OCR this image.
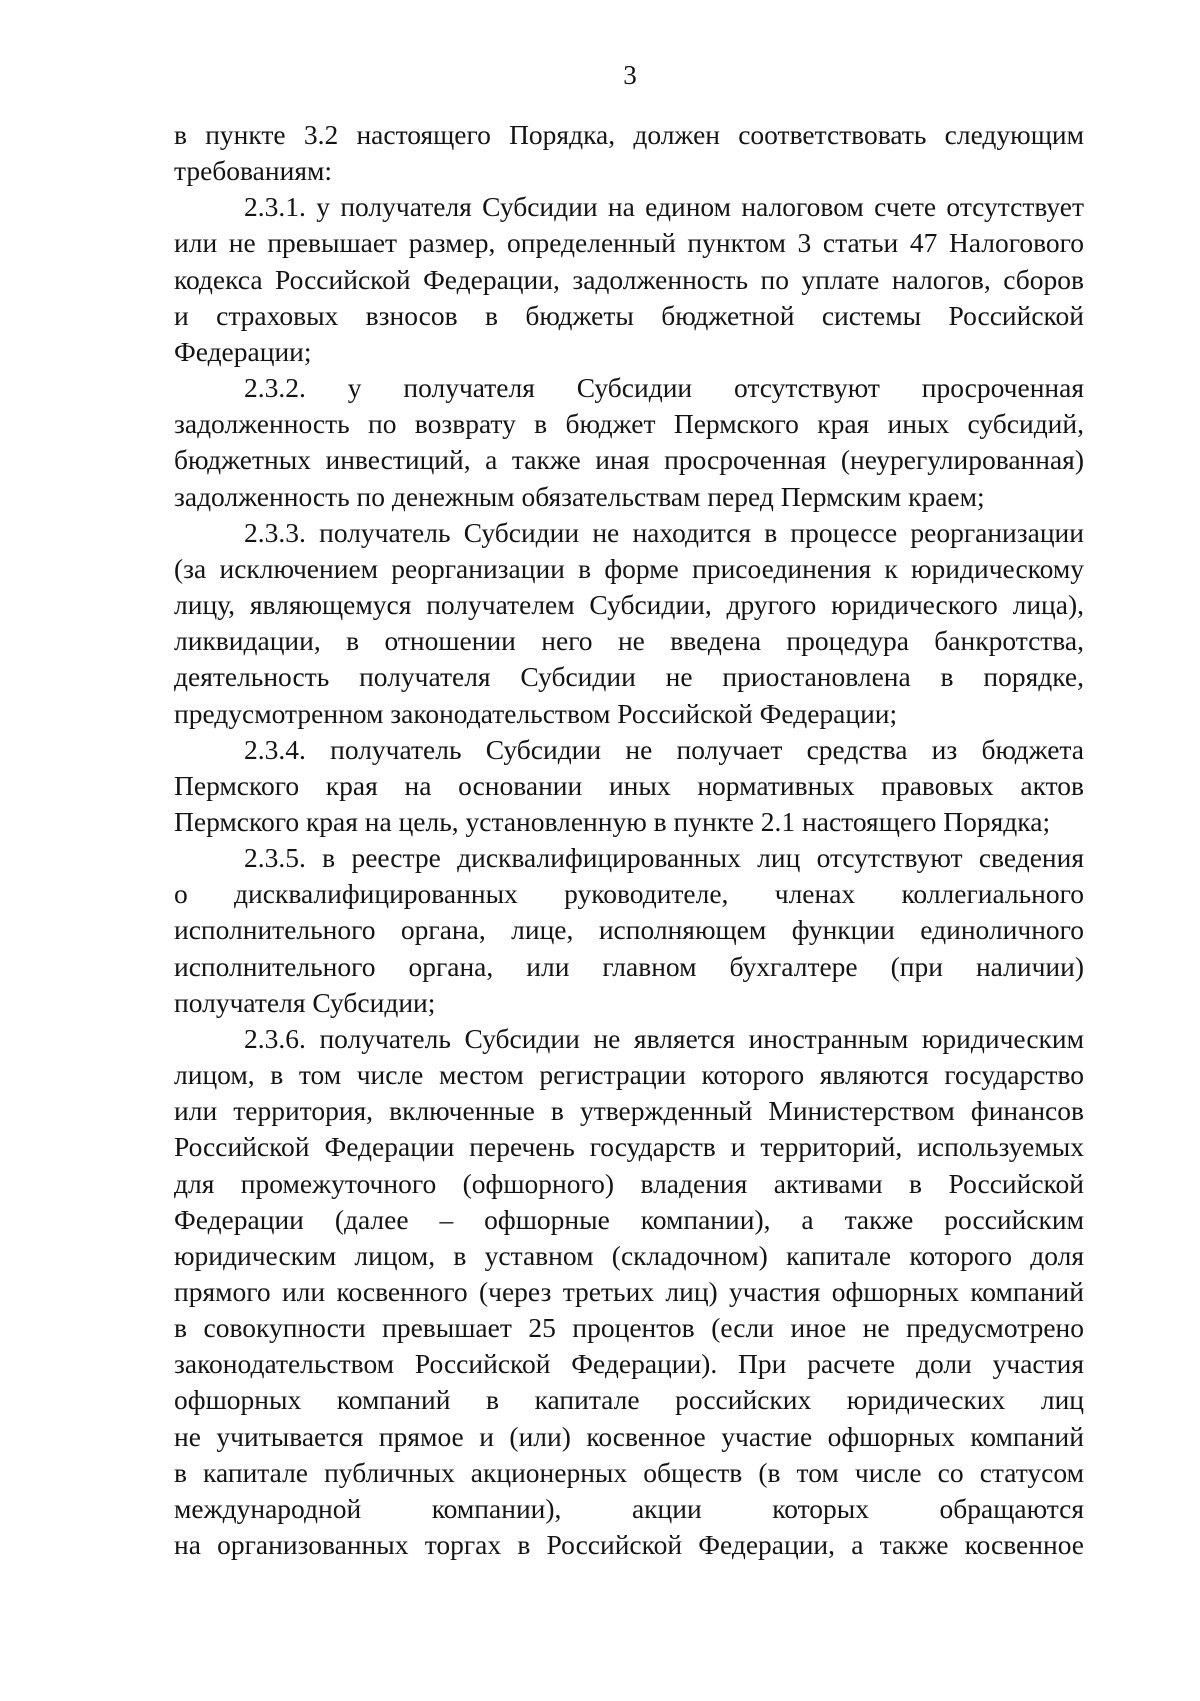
3
в пункте 3.2 настоящего Порядка, должен соответствовать следующим
требованиям:
2.3.1. у получателя Субсидии на едином налоговом счете отсутствует
или не превышает размер, определенный пунктом 3 статьи 47 Налогового
кодекса Российской Федерации, задолженность по уплате налогов, сборов
и страховых взносов в бюджеты бюджетной системы Российской
Федерации;
2.3.2. у получателя Субсидии отсутствуют просроченная
задолженность по возврату в бюджет Пермского края иных субсидий,
бюджетных инвестиций, а также иная просроченная (неурегулированная)
задолженность по денежным обязательствам перед Пермским краем;
2.3.3. получатель Субсидии не находится в процессе реорганизации
(за исключением реорганизации в форме присоединения к юридическому
лицу, являющемуся получателем Субсидии, другого юридического лица),
ликвидации, в отношении него не введена процедура банкротства,
деятельность получателя Субсидии не приостановлена в порядке,
предусмотренном законодательством Российской Федерации;
2.3.4. получатель Субсидии не получает средства из бюджета
Пермского края на основании иных нормативных правовых актов
Пермского края на цель, установленную в пункте 2.1 настоящего Порядка;
2.3.5. в реестре дисквалифицированных лиц отсутствуют сведения
о дисквалифицированных руководителе, членах коллегиального
исполнительного органа, лице, исполняющем функции единоличного
исполнительного органа, или главном бухгалтере (при наличии)
получателя Субсидии;
2.3.6. получатель Субсидии не является иностранным юридическим
лицом, в том числе местом регистрации которого являются государство
или территория, включенные в утвержденный Министерством финансов
Российской Федерации перечень государств и территорий, используемых
для промежуточного (офшорного) владения активами в Российской
Федерации (далее – офшорные компании), а также российским
юридическим лицом, в уставном (складочном) капитале которого доля
прямого или косвенного (через третьих лиц) участия офшорных компаний
в совокупности превышает 25 процентов (если иное не предусмотрено
законодательством Российской Федерации). При расчете доли участия
офшорных компаний в капитале российских юридических лиц
не учитывается прямое и (или) косвенное участие офшорных компаний
в капитале публичных акционерных обществ (в том числе со статусом
международной компании), акции которых обращаются
на организованных торгах в Российской Федерации, а также косвенное
